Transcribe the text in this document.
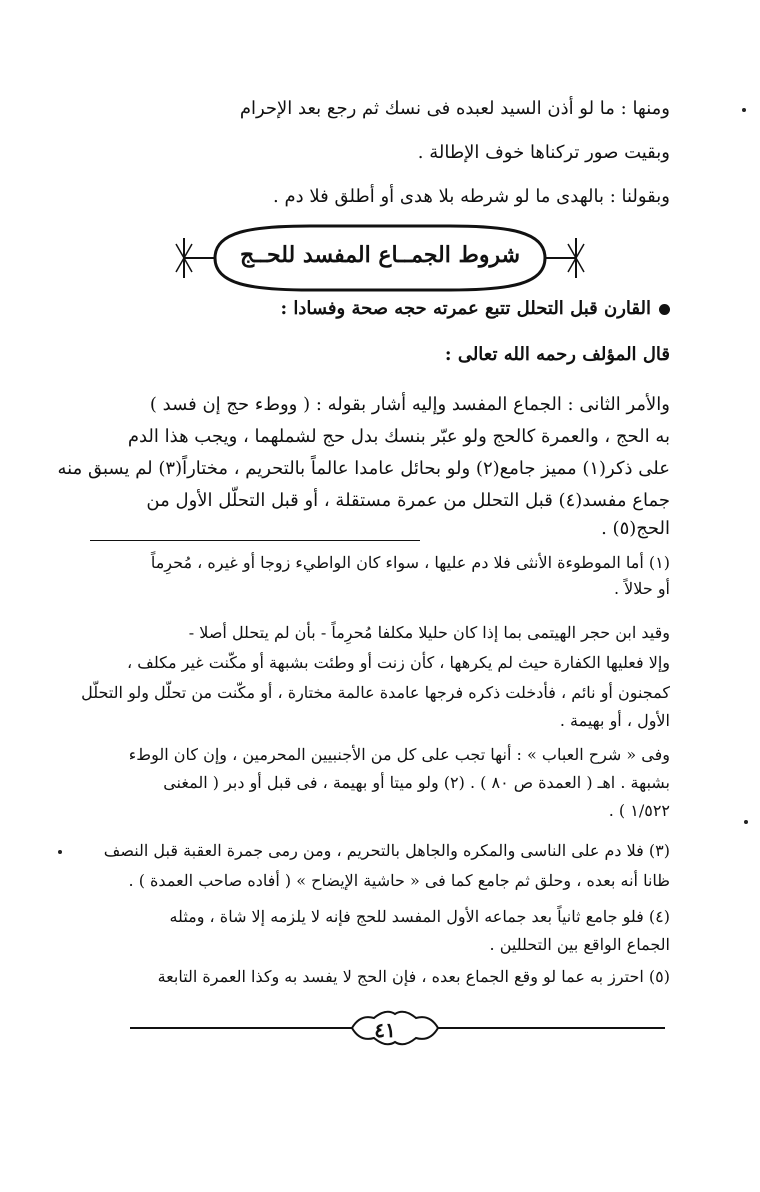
ومنها : ما لو أذن السيد لعبده فى نسك ثم رجع بعد الإحرام
وبقيت صور تركناها خوف الإطالة .
وبقولنا : بالهدى ما لو شرطه بلا هدى أو أطلق فلا دم .
شروط الجمــاع المفسد للحــج
القارن قبل التحلل تتبع عمرته حجه صحة وفسادا :
قال المؤلف رحمه الله تعالى :
والأمر الثانى : الجماع المفسد وإليه أشار بقوله : ( ووطء حج إن فسد )
به الحج ، والعمرة كالحج ولو عبّر بنسك بدل حج لشملهما ، ويجب هذا الدم
على ذكر(١) مميز جامع(٢) ولو بحائل عامدا عالماً بالتحريم ، مختاراً(٣) لم يسبق منه
جماع مفسد(٤) قبل التحلل من عمرة مستقلة ، أو قبل التحلّل الأول من
الحج(٥) .
(١) أما الموطوءة الأنثى فلا دم عليها ، سواء كان الواطيء زوجا أو غيره ، مُحرِماً
أو حلالاً .
وقيد ابن حجر الهيتمى بما إذا كان حليلا مكلفا مُحرِماً - بأن لم يتحلل أصلا -
وإلا فعليها الكفارة حيث لم يكرهها ، كأن زنت أو وطئت بشبهة أو مكّنت غير مكلف ،
كمجنون أو نائم ، فأدخلت ذكره فرجها عامدة عالمة مختارة ، أو مكّنت من تحلّل ولو التحلّل
الأول ، أو بهيمة .
وفى « شرح العباب » : أنها تجب على كل من الأجنبيين المحرمين ، وإن كان الوطء
بشبهة . اهـ ( العمدة ص ٨٠ ) . (٢) ولو ميتا أو بهيمة ، فى قبل أو دبر ( المغنى
١/٥٢٢ ) .
(٣) فلا دم على الناسى والمكره والجاهل بالتحريم ، ومن رمى جمرة العقبة قبل النصف
ظانا أنه بعده ، وحلق ثم جامع كما فى « حاشية الإيضاح » ( أفاده صاحب العمدة ) .
(٤) فلو جامع ثانياً بعد جماعه الأول المفسد للحج فإنه لا يلزمه إلا شاة ، ومثله
الجماع الواقع بين التحللين .
(٥) احترز به عما لو وقع الجماع بعده ، فإن الحج لا يفسد به وكذا العمرة التابعة
٤١
